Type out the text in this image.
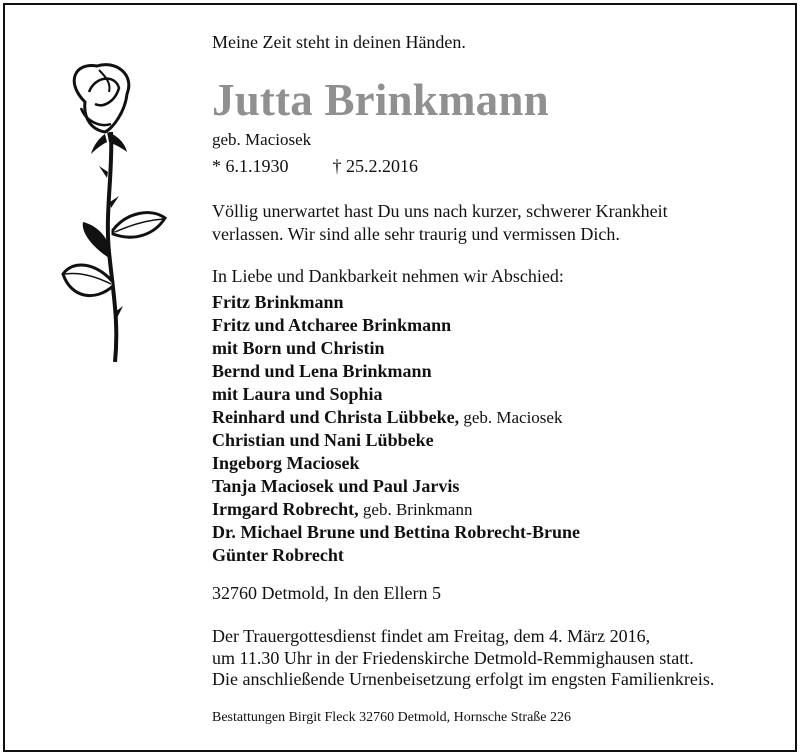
Meine Zeit steht in deinen Händen.
Jutta Brinkmann
geb. Maciosek
* 6.1.1930 † 25.2.2016
Völlig unerwartet hast Du uns nach kurzer, schwerer Krankheit
verlassen. Wir sind alle sehr traurig und vermissen Dich.
In Liebe und Dankbarkeit nehmen wir Abschied:
Fritz Brinkmann
Fritz und Atcharee Brinkmann
mit Born und Christin
Bernd und Lena Brinkmann
mit Laura und Sophia
Reinhard und Christa Lübbeke, geb. Maciosek
Christian und Nani Lübbeke
Ingeborg Maciosek
Tanja Maciosek und Paul Jarvis
Irmgard Robrecht, geb. Brinkmann
Dr. Michael Brune und Bettina Robrecht-Brune
Günter Robrecht
32760 Detmold, In den Ellern 5
Der Trauergottesdienst findet am Freitag, dem 4. März 2016,
um 11.30 Uhr in der Friedenskirche Detmold-Remmighausen statt.
Die anschließende Urnenbeisetzung erfolgt im engsten Familienkreis.
Bestattungen Birgit Fleck 32760 Detmold, Hornsche Straße 226
